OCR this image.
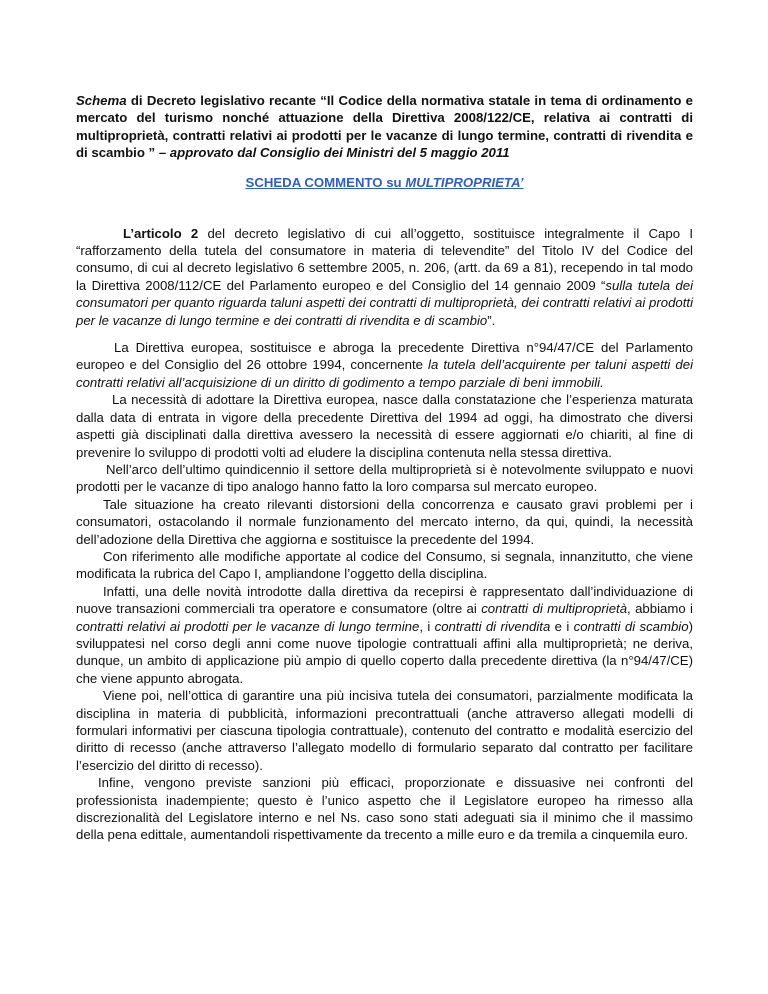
Schema di Decreto legislativo recante “Il Codice della normativa statale in tema di ordinamento e mercato del turismo nonché attuazione della Direttiva 2008/122/CE, relativa ai contratti di multiproprietà, contratti relativi ai prodotti per le vacanze di lungo termine, contratti di rivendita e di scambio ” – approvato dal Consiglio dei Ministri del 5 maggio 2011

SCHEDA COMMENTO su MULTIPROPRIETA’

L’articolo 2 del decreto legislativo di cui all’oggetto, sostituisce integralmente il Capo I “rafforzamento della tutela del consumatore in materia di televendite” del Titolo IV del Codice del consumo, di cui al decreto legislativo 6 settembre 2005, n. 206, (artt. da 69 a 81), recependo in tal modo la Direttiva 2008/112/CE del Parlamento europeo e del Consiglio del 14 gennaio 2009 “sulla tutela dei consumatori per quanto riguarda taluni aspetti dei contratti di multiproprietà, dei contratti relativi ai prodotti per le vacanze di lungo termine e dei contratti di rivendita e di scambio”.

La Direttiva europea, sostituisce e abroga la precedente Direttiva n°94/47/CE del Parlamento europeo e del Consiglio del 26 ottobre 1994, concernente la tutela dell’acquirente per taluni aspetti dei contratti relativi all’acquisizione di un diritto di godimento a tempo parziale di beni immobili.

La necessità di adottare la Direttiva europea, nasce dalla constatazione che l’esperienza maturata dalla data di entrata in vigore della precedente Direttiva del 1994 ad oggi, ha dimostrato che diversi aspetti già disciplinati dalla direttiva avessero la necessità di essere aggiornati e/o chiariti, al fine di prevenire lo sviluppo di prodotti volti ad eludere la disciplina contenuta nella stessa direttiva.

Nell’arco dell’ultimo quindicennio il settore della multiproprietà si è notevolmente sviluppato e nuovi prodotti per le vacanze di tipo analogo hanno fatto la loro comparsa sul mercato europeo.

Tale situazione ha creato rilevanti distorsioni della concorrenza e causato gravi problemi per i consumatori, ostacolando il normale funzionamento del mercato interno, da qui, quindi, la necessità dell’adozione della Direttiva che aggiorna e sostituisce la precedente del 1994.

Con riferimento alle modifiche apportate al codice del Consumo, si segnala, innanzitutto, che viene modificata la rubrica del Capo I, ampliandone l’oggetto della disciplina.

Infatti, una delle novità introdotte dalla direttiva da recepirsi è rappresentato dall’individuazione di nuove transazioni commerciali tra operatore e consumatore (oltre ai contratti di multiproprietà, abbiamo i contratti relativi ai prodotti per le vacanze di lungo termine, i contratti di rivendita e i contratti di scambio) sviluppatesi nel corso degli anni come nuove tipologie contrattuali affini alla multiproprietà; ne deriva, dunque, un ambito di applicazione più ampio di quello coperto dalla precedente direttiva (la n°94/47/CE) che viene appunto abrogata.

Viene poi, nell’ottica di garantire una più incisiva tutela dei consumatori, parzialmente modificata la disciplina in materia di pubblicità, informazioni precontrattuali (anche attraverso allegati modelli di formulari informativi per ciascuna tipologia contrattuale), contenuto del contratto e modalità esercizio del diritto di recesso (anche attraverso l’allegato modello di formulario separato dal contratto per facilitare l’esercizio del diritto di recesso).

Infine, vengono previste sanzioni più efficaci, proporzionate e dissuasive nei confronti del professionista inadempiente; questo è l’unico aspetto che il Legislatore europeo ha rimesso alla discrezionalità del Legislatore interno e nel Ns. caso sono stati adeguati sia il minimo che il massimo della pena edittale, aumentandoli rispettivamente da trecento a mille euro e da tremila a cinquemila euro.
